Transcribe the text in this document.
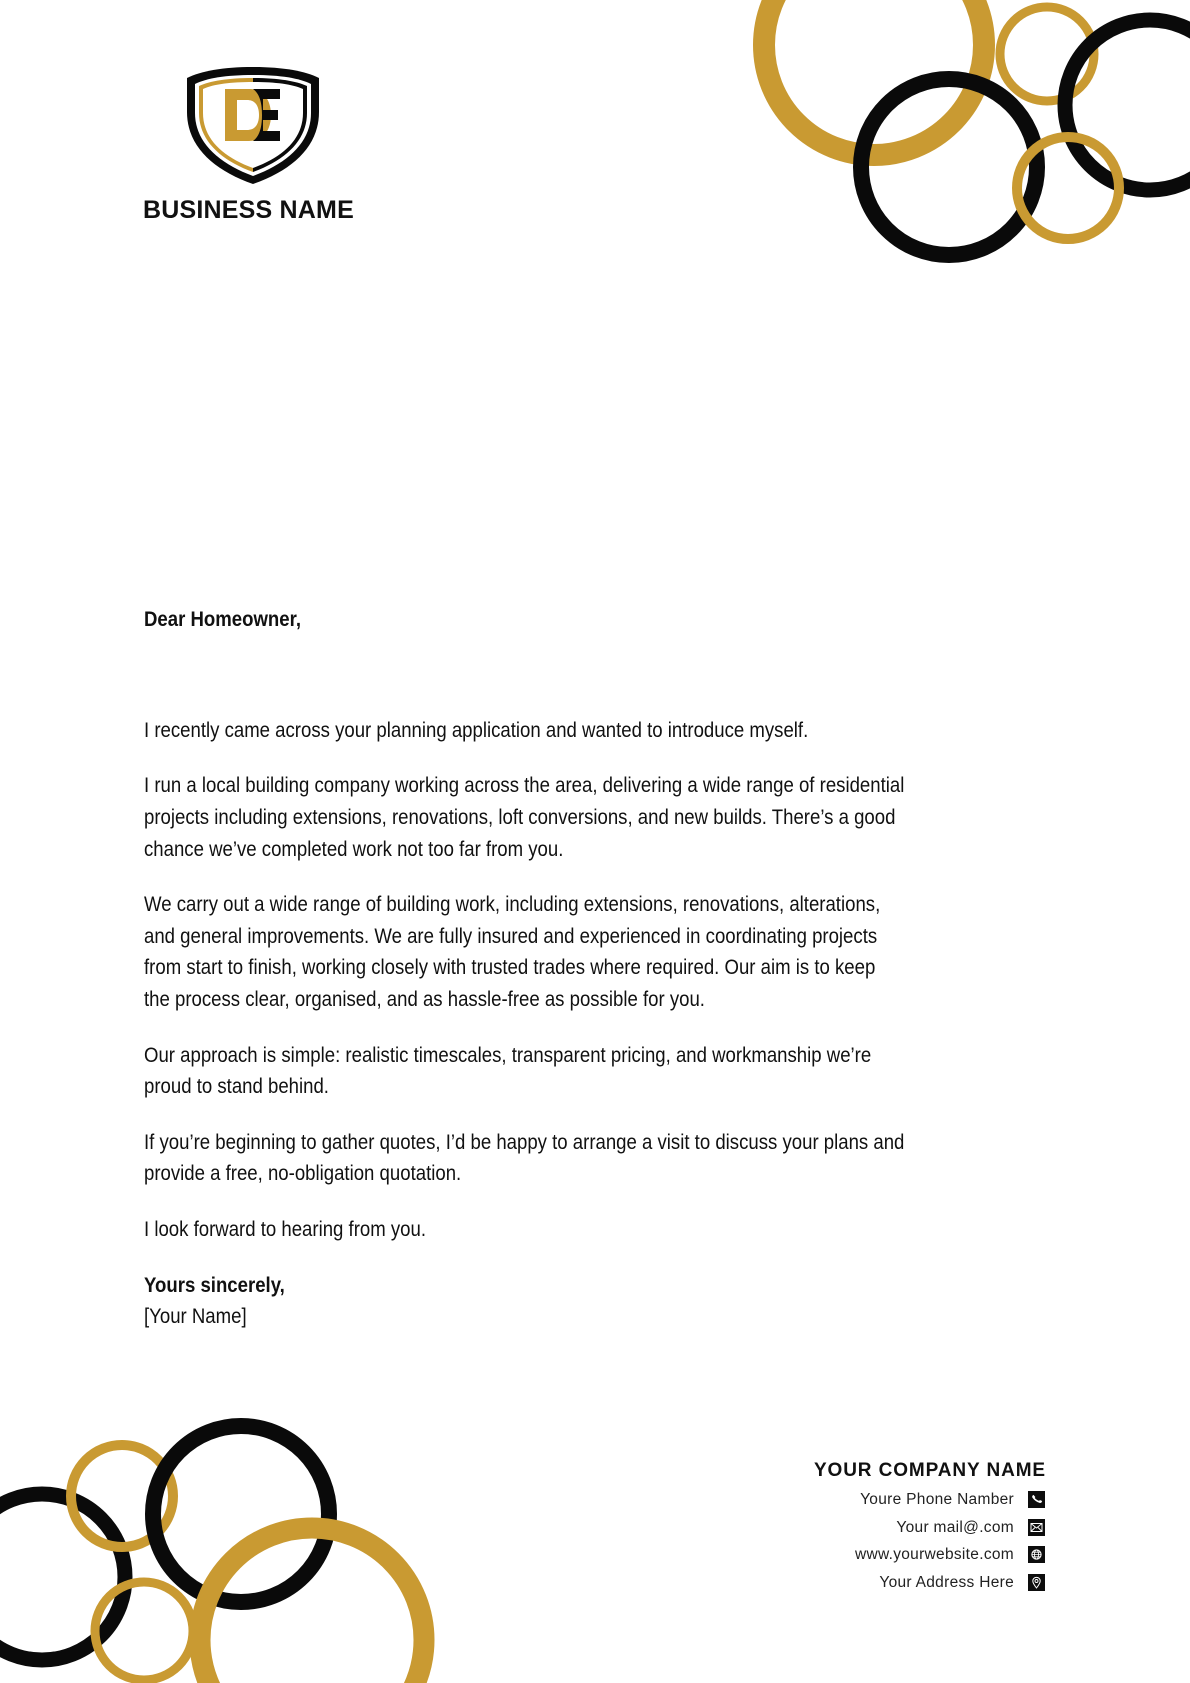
BUSINESS NAME
Dear Homeowner,
I recently came across your planning application and wanted to introduce myself.
I run a local building company working across the area, delivering a wide range of residential
projects including extensions, renovations, loft conversions, and new builds. There’s a good
chance we’ve completed work not too far from you.
We carry out a wide range of building work, including extensions, renovations, alterations,
and general improvements. We are fully insured and experienced in coordinating projects
from start to finish, working closely with trusted trades where required. Our aim is to keep
the process clear, organised, and as hassle-free as possible for you.
Our approach is simple: realistic timescales, transparent pricing, and workmanship we’re
proud to stand behind.
If you’re beginning to gather quotes, I’d be happy to arrange a visit to discuss your plans and
provide a free, no-obligation quotation.
I look forward to hearing from you.
Yours sincerely,
[Your Name]
YOUR COMPANY NAME
Youre Phone Namber
Your mail@.com
www.yourwebsite.com
Your Address Here
